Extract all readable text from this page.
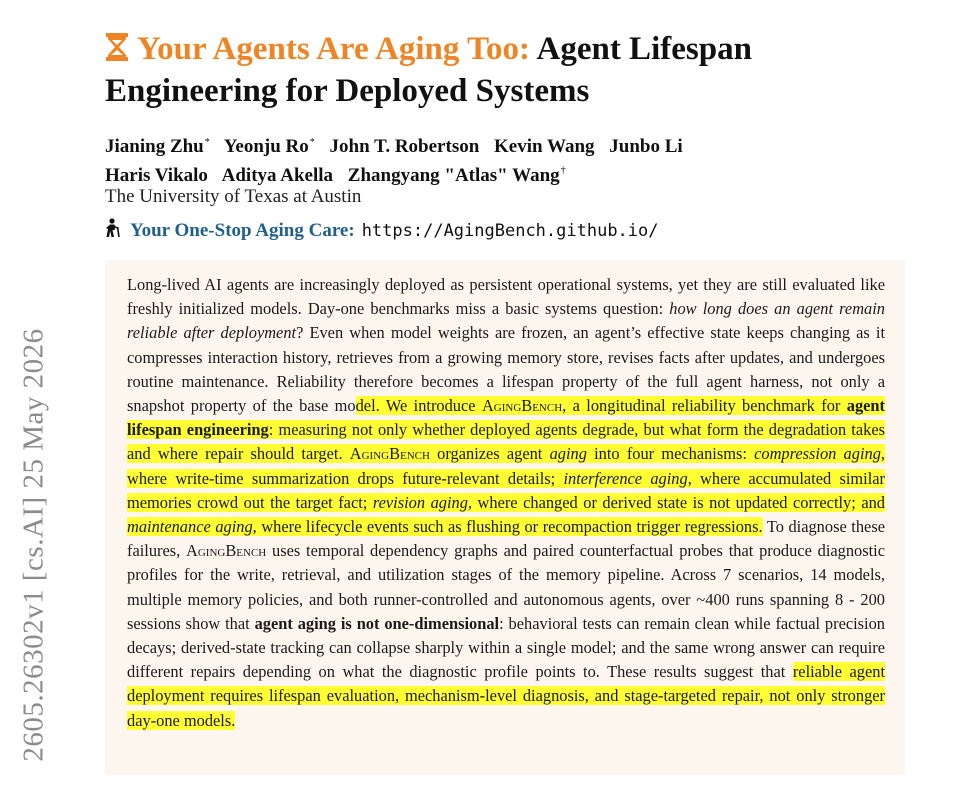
2605.26302v1 [cs.AI] 25 May 2026
Your Agents Are Aging Too: Agent Lifespan
Engineering for Deployed Systems
Jianing Zhu* Yeonju Ro* John T. Robertson Kevin Wang Junbo Li
Haris Vikalo Aditya Akella Zhangyang "Atlas" Wang†
The University of Texas at Austin
Your One-Stop Aging Care : https://AgingBench.github.io/

Long-lived AI agents are increasingly deployed as persistent operational systems, yet they are still evaluated like freshly initialized models. Day-one benchmarks miss a basic systems question: how long does an agent remain reliable after deployment? Even when model weights are frozen, an agent’s effective state keeps changing as it compresses interaction history, retrieves from a growing memory store, revises facts after updates, and undergoes routine maintenance. Reliability therefore becomes a lifespan property of the full agent harness, not only a snapshot property of the base model. We introduce AgingBench, a longitudinal reliability benchmark for agent lifespan engineering: measuring not only whether deployed agents degrade, but what form the degradation takes and where repair should target. AgingBench organizes agent aging into four mechanisms: compression aging, where write-time summarization drops future-relevant details; interference aging, where accumulated similar memories crowd out the target fact; revision aging, where changed or derived state is not updated correctly; and maintenance aging, where lifecycle events such as flushing or recompaction trigger regressions. To diagnose these failures, AgingBench uses temporal dependency graphs and paired counterfactual probes that produce diagnostic profiles for the write, retrieval, and utilization stages of the memory pipeline. Across 7 scenarios, 14 models, multiple memory policies, and both runner-controlled and autonomous agents, over ~400 runs spanning 8 - 200 sessions show that agent aging is not one-dimensional: behavioral tests can remain clean while factual precision decays; derived-state tracking can collapse sharply within a single model; and the same wrong answer can require different repairs depending on what the diagnostic profile points to. These results suggest that reliable agent deployment requires lifespan evaluation, mechanism-level diagnosis, and stage-targeted repair, not only stronger day-one models.
